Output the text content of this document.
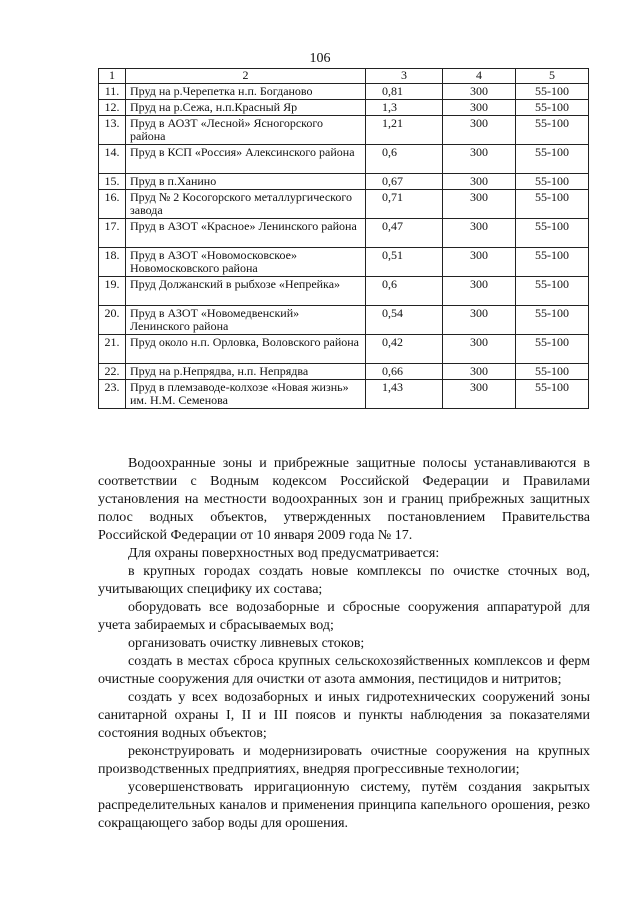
106
1	2	3	4	5
11.	Пруд на р.Черепетка н.п. Богданово	0,81	300	55-100
12.	Пруд на р.Сежа, н.п.Красный Яр	1,3	300	55-100
13.	Пруд в АОЗТ «Лесной» Ясногорского района	1,21	300	55-100
14.	Пруд в КСП «Россия» Алексинского района	0,6	300	55-100
15.	Пруд в п.Ханино	0,67	300	55-100
16.	Пруд № 2 Косогорского металлургического завода	0,71	300	55-100
17.	Пруд в АЗОТ «Красное» Ленинского района	0,47	300	55-100
18.	Пруд в АЗОТ «Новомосковское» Новомосковского района	0,51	300	55-100
19.	Пруд Должанский в рыбхозе «Непрейка»	0,6	300	55-100
20.	Пруд в АЗОТ «Новомедвенский» Ленинского района	0,54	300	55-100
21.	Пруд около н.п. Орловка, Воловского района	0,42	300	55-100
22.	Пруд на р.Непрядва, н.п. Непрядва	0,66	300	55-100
23.	Пруд в племзаводе-колхозе «Новая жизнь» им. Н.М. Семенова	1,43	300	55-100

Водоохранные зоны и прибрежные защитные полосы устанавливаются в соответствии с Водным кодексом Российской Федерации и Правилами установления на местности водоохранных зон и границ прибрежных защитных полос водных объектов, утвержденных постановлением Правительства Российской Федерации от 10 января 2009 года № 17.

Для охраны поверхностных вод предусматривается:

в крупных городах создать новые комплексы по очистке сточных вод, учитывающих специфику их состава;

оборудовать все водозаборные и сбросные сооружения аппаратурой для учета забираемых и сбрасываемых вод;

организовать очистку ливневых стоков;

создать в местах сброса крупных сельскохозяйственных комплексов и ферм очистные сооружения для очистки от азота аммония, пестицидов и нитритов;

создать у всех водозаборных и иных гидротехнических сооружений зоны санитарной охраны I, II и III поясов и пункты наблюдения за показателями состояния водных объектов;

реконструировать и модернизировать очистные сооружения на крупных производственных предприятиях, внедряя прогрессивные технологии;

усовершенствовать ирригационную систему, путём создания закрытых распределительных каналов и применения принципа капельного орошения, резко сокращающего забор воды для орошения.
